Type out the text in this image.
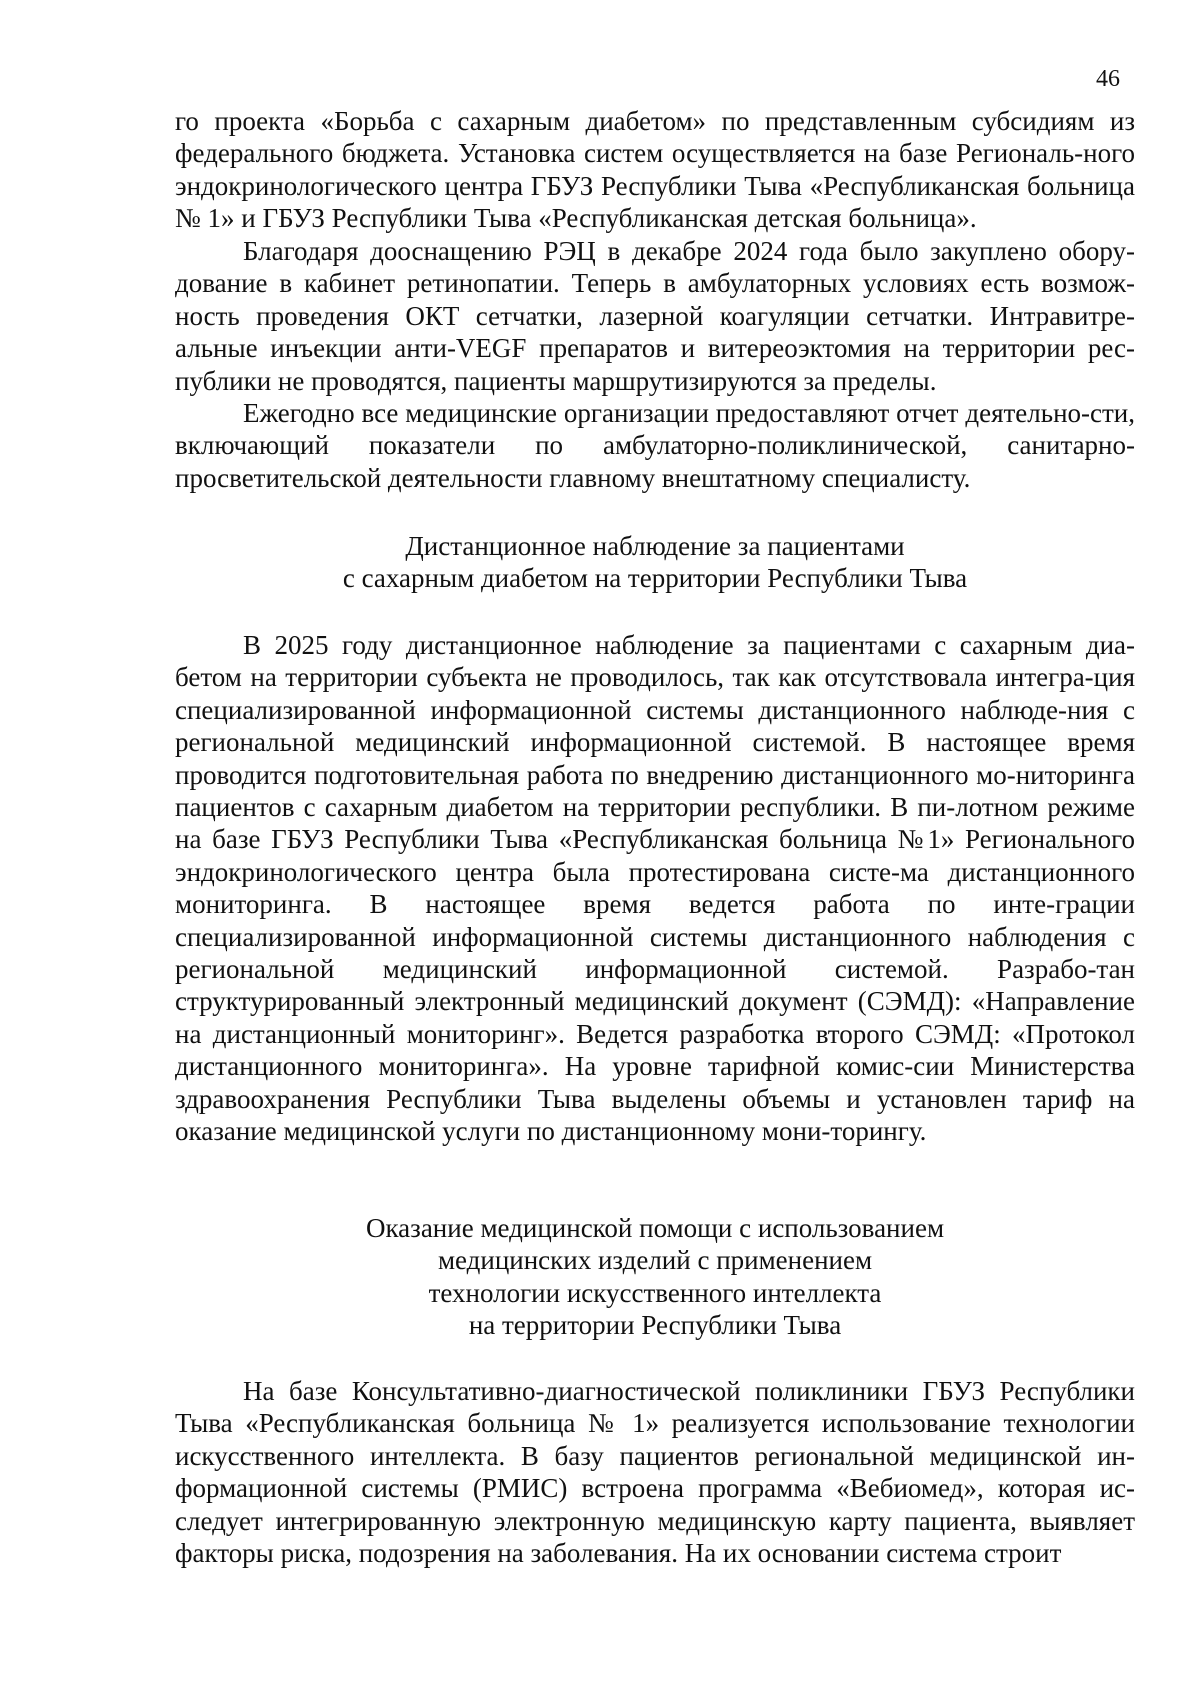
46

го проекта «Борьба с сахарным диабетом» по представленным субсидиям из федерального бюджета. Установка систем осуществляется на базе Региональ-ного эндокринологического центра ГБУЗ Республики Тыва «Республиканская больница № 1» и ГБУЗ Республики Тыва «Республиканская детская больница».

Благодаря дооснащению РЭЦ в декабре 2024 года было закуплено обору-дование в кабинет ретинопатии. Теперь в амбулаторных условиях есть возмож-ность проведения ОКТ сетчатки, лазерной коагуляции сетчатки. Интравитре-альные инъекции анти-VEGF препаратов и витереоэктомия на территории рес-публики не проводятся, пациенты маршрутизируются за пределы.

Ежегодно все медицинские организации предоставляют отчет деятельно-сти, включающий показатели по амбулаторно-поликлинической, санитарно-просветительской деятельности главному внештатному специалисту.

Дистанционное наблюдение за пациентами
с сахарным диабетом на территории Республики Тыва

В 2025 году дистанционное наблюдение за пациентами с сахарным диа-бетом на территории субъекта не проводилось, так как отсутствовала интегра-ция специализированной информационной системы дистанционного наблюде-ния с региональной медицинский информационной системой. В настоящее время проводится подготовительная работа по внедрению дистанционного мо-ниторинга пациентов с сахарным диабетом на территории республики. В пи-лотном режиме на базе ГБУЗ Республики Тыва «Республиканская больница №1» Регионального эндокринологического центра была протестирована систе-ма дистанционного мониторинга. В настоящее время ведется работа по инте-грации специализированной информационной системы дистанционного наблюдения с региональной медицинский информационной системой. Разрабо-тан структурированный электронный медицинский документ (СЭМД): «Направление на дистанционный мониторинг». Ведется разработка второго СЭМД: «Протокол дистанционного мониторинга». На уровне тарифной комис-сии Министерства здравоохранения Республики Тыва выделены объемы и установлен тариф на оказание медицинской услуги по дистанционному мони-торингу.

Оказание медицинской помощи с использованием
медицинских изделий с применением
технологии искусственного интеллекта
на территории Республики Тыва

На базе Консультативно-диагностической поликлиники ГБУЗ Республики Тыва «Республиканская больница № 1» реализуется использование технологии искусственного интеллекта. В базу пациентов региональной медицинской ин-формационной системы (РМИС) встроена программа «Вебиомед», которая ис-следует интегрированную электронную медицинскую карту пациента, выявляет факторы риска, подозрения на заболевания. На их основании система строит
